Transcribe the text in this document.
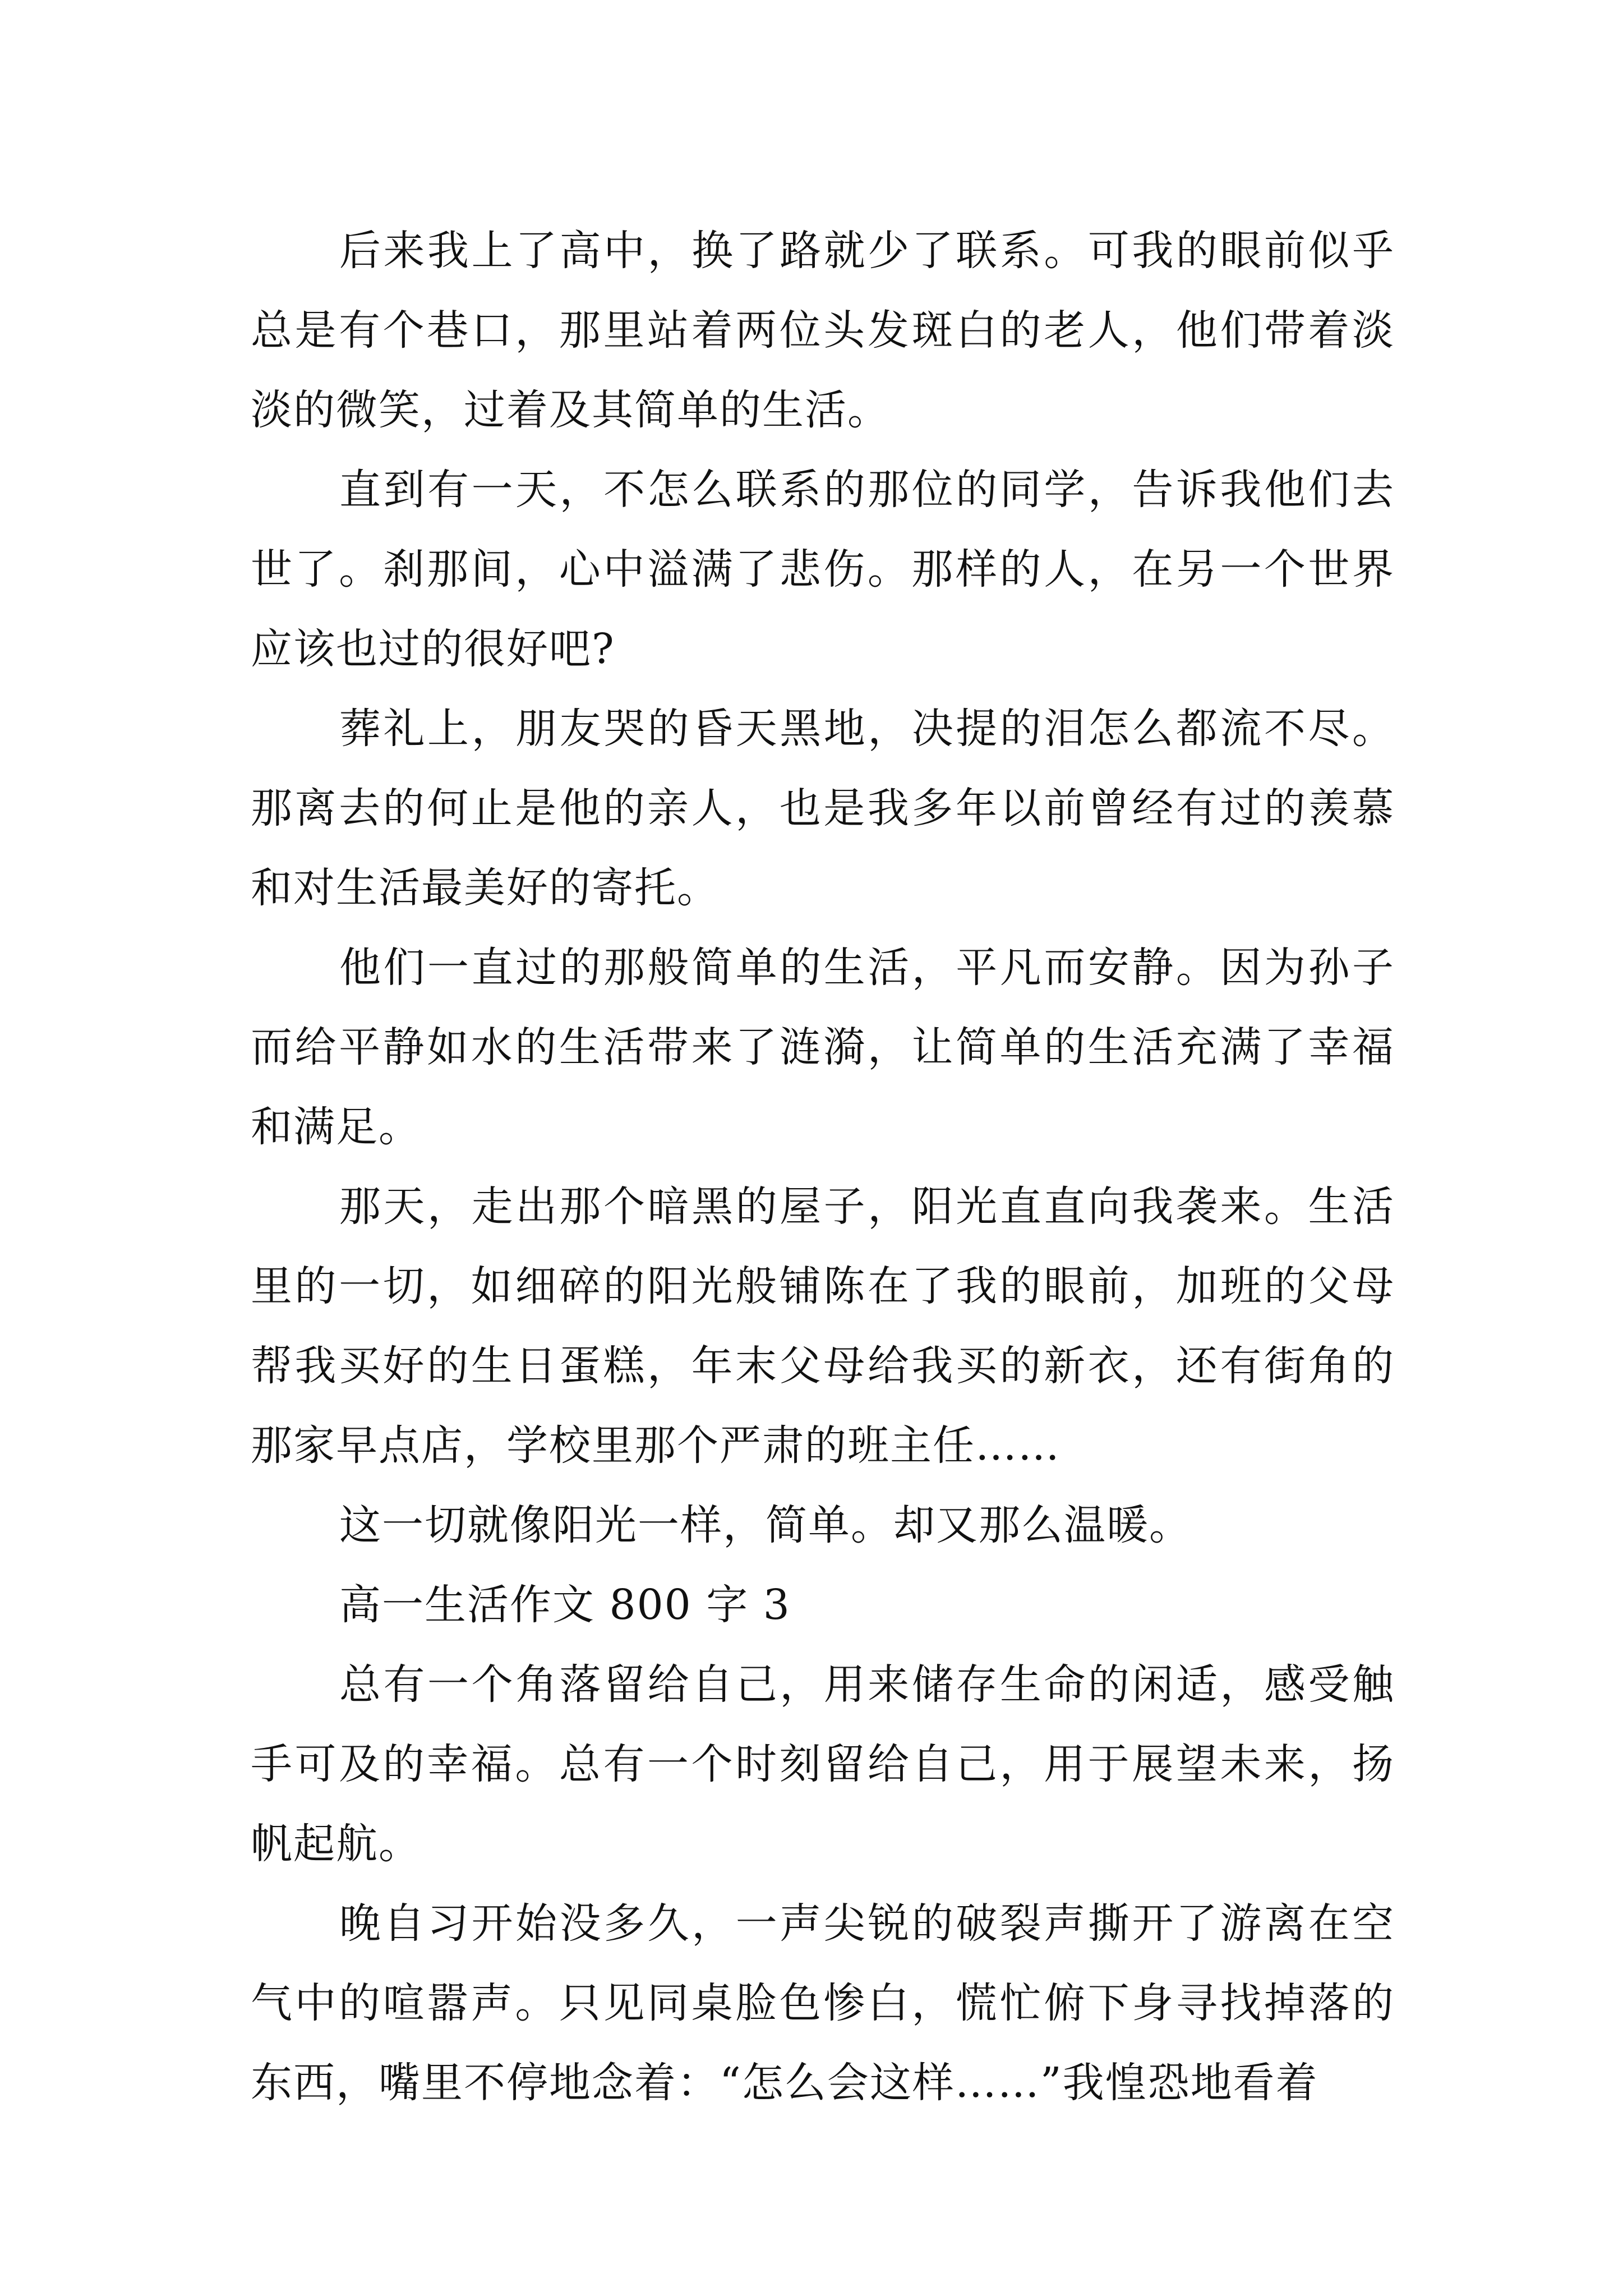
后来我上了高中，换了路就少了联系。可我的眼前似乎总是有个巷口，那里站着两位头发斑白的老人，他们带着淡淡的微笑，过着及其简单的生活。

直到有一天，不怎么联系的那位的同学，告诉我他们去世了。刹那间，心中溢满了悲伤。那样的人，在另一个世界应该也过的很好吧?

葬礼上，朋友哭的昏天黑地，决提的泪怎么都流不尽。那离去的何止是他的亲人，也是我多年以前曾经有过的羡慕和对生活最美好的寄托。

他们一直过的那般简单的生活，平凡而安静。因为孙子而给平静如水的生活带来了涟漪，让简单的生活充满了幸福和满足。

那天，走出那个暗黑的屋子，阳光直直向我袭来。生活里的一切，如细碎的阳光般铺陈在了我的眼前，加班的父母帮我买好的生日蛋糕，年末父母给我买的新衣，还有街角的那家早点店，学校里那个严肃的班主任……

这一切就像阳光一样，简单。却又那么温暖。

高一生活作文 800 字 3

总有一个角落留给自己，用来储存生命的闲适，感受触手可及的幸福。总有一个时刻留给自己，用于展望未来，扬帆起航。

晚自习开始没多久，一声尖锐的破裂声撕开了游离在空气中的喧嚣声。只见同桌脸色惨白，慌忙俯下身寻找掉落的东西，嘴里不停地念着：“怎么会这样……”我惶恐地看着
